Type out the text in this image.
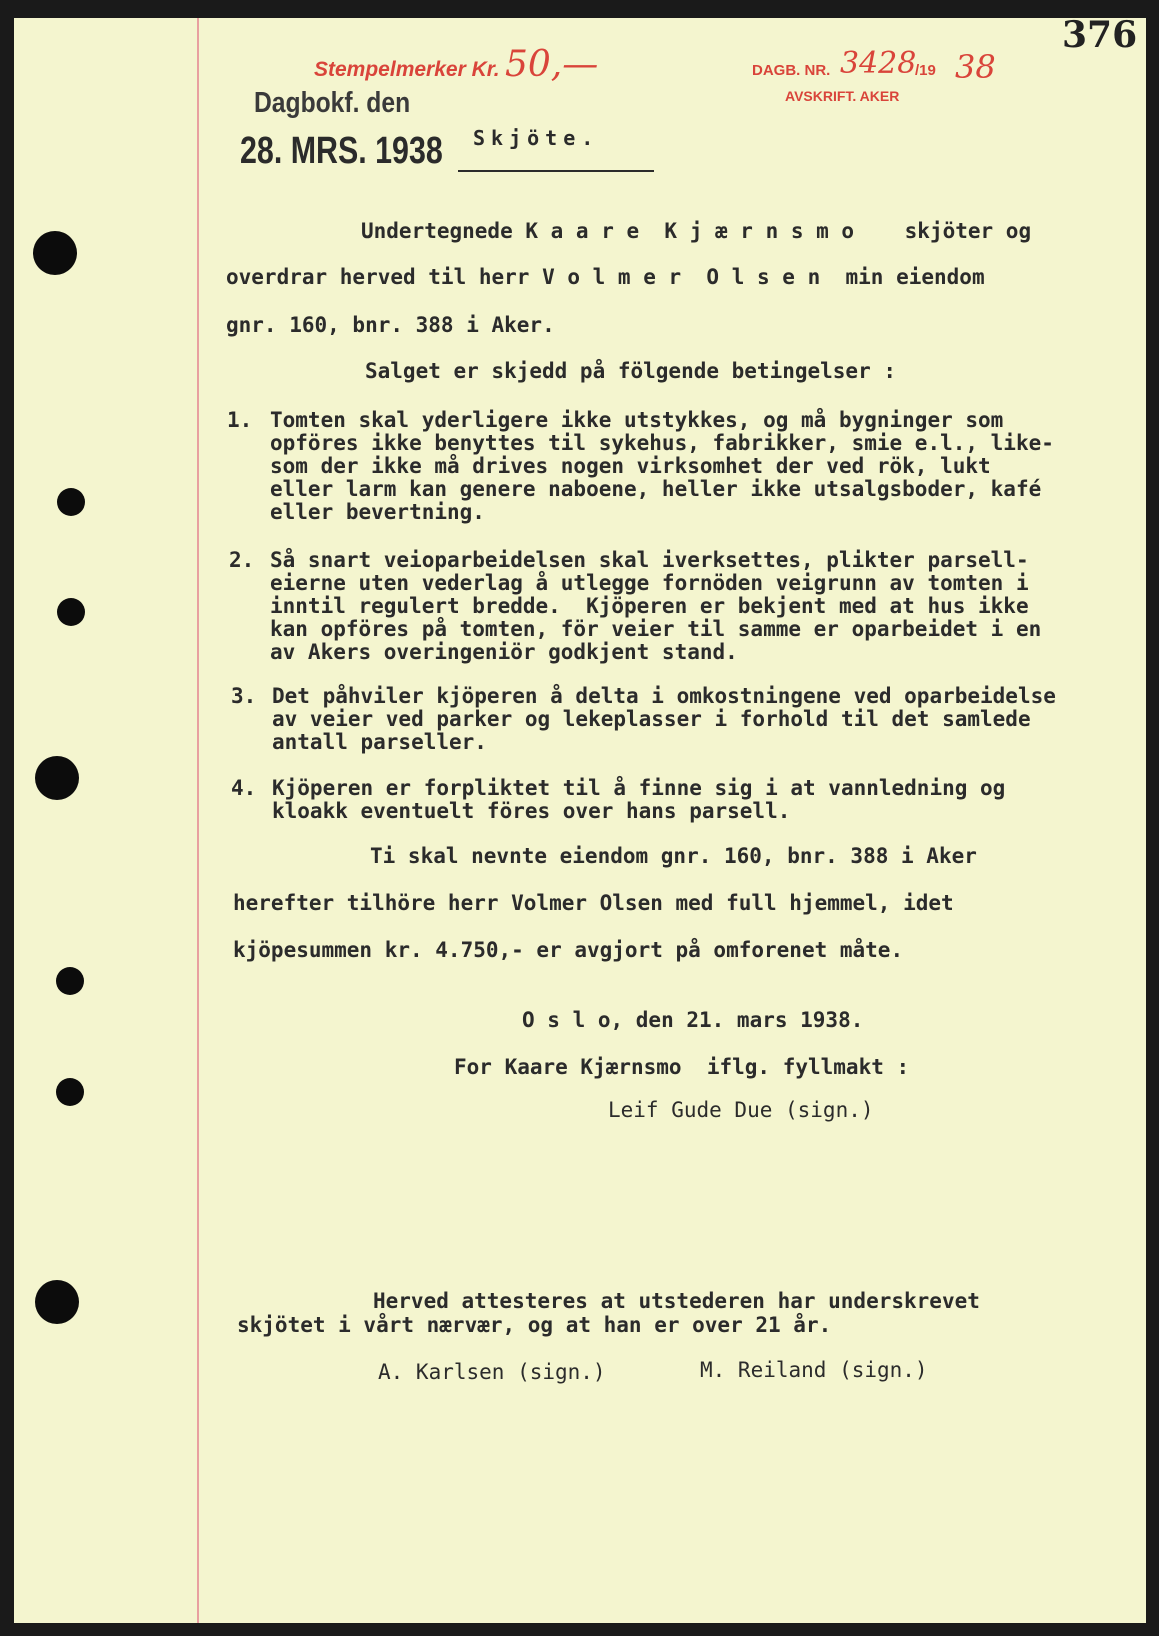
376
Stempelmerker Kr. 50,—	DAGB. NR. 3428
/19 38
AVSKRIFT. AKER
Dagbokf. den
28. MRS. 1938 Skjöte.
Undertegnede K a a r e  K j æ r n s m o    skjöter og
overdrar herved til herr V o l m e r  O l s e n  min eiendom
gnr. 160, bnr. 388 i Aker.
Salget er skjedd på fölgende betingelser :
1. Tomten skal yderligere ikke utstykkes, og må bygninger som
opföres ikke benyttes til sykehus, fabrikker, smie e.l., like-
som der ikke må drives nogen virksomhet der ved rök, lukt
eller larm kan genere naboene, heller ikke utsalgsboder, kafé
eller bevertning.
2. Så snart veioparbeidelsen skal iverksettes, plikter parsell-
eierne uten vederlag å utlegge fornöden veigrunn av tomten i
inntil regulert bredde.  Kjöperen er bekjent med at hus ikke
kan opföres på tomten, för veier til samme er oparbeidet i en
av Akers overingeniör godkjent stand.
3. Det påhviler kjöperen å delta i omkostningene ved oparbeidelse
av veier ved parker og lekeplasser i forhold til det samlede
antall parseller.
4. Kjöperen er forpliktet til å finne sig i at vannledning og
kloakk eventuelt föres over hans parsell.
Ti skal nevnte eiendom gnr. 160, bnr. 388 i Aker
herefter tilhöre herr Volmer Olsen med full hjemmel, idet
kjöpesummen kr. 4.750,- er avgjort på omforenet måte.
O s l o, den 21. mars 1938.
For Kaare Kjærnsmo  iflg. fyllmakt :
Leif Gude Due (sign.)
Herved attesteres at utstederen har underskrevet
skjötet i vårt nærvær, og at han er over 21 år.
A. Karlsen (sign.)	M. Reiland (sign.)
